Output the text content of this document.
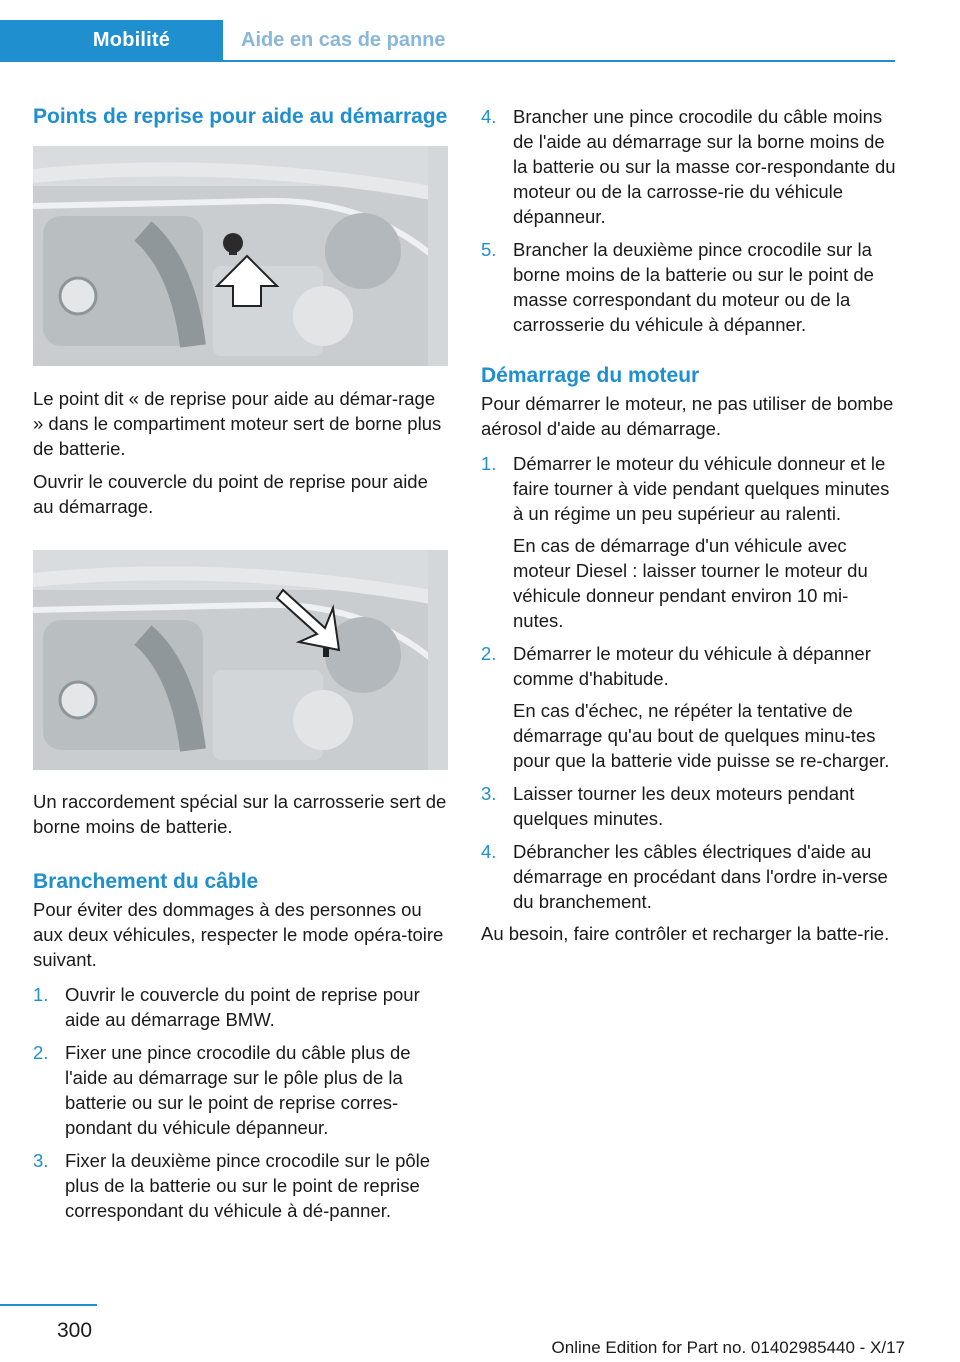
Mobilité	Aide en cas de panne
Points de reprise pour aide au démarrage

Le point dit « de reprise pour aide au démar-rage » dans le compartiment moteur sert de borne plus de batterie.

Ouvrir le couvercle du point de reprise pour aide au démarrage.

Un raccordement spécial sur la carrosserie sert de borne moins de batterie.

Branchement du câble

Pour éviter des dommages à des personnes ou aux deux véhicules, respecter le mode opéra-toire suivant.

1. Ouvrir le couvercle du point de reprise pour aide au démarrage BMW.
2. Fixer une pince crocodile du câble plus de l'aide au démarrage sur le pôle plus de la batterie ou sur le point de reprise corres-pondant du véhicule dépanneur.
3. Fixer la deuxième pince crocodile sur le pôle plus de la batterie ou sur le point de reprise correspondant du véhicule à dé-panner.
4. Brancher une pince crocodile du câble moins de l'aide au démarrage sur la borne moins de la batterie ou sur la masse cor-respondante du moteur ou de la carrosse-rie du véhicule dépanneur.
5. Brancher la deuxième pince crocodile sur la borne moins de la batterie ou sur le point de masse correspondant du moteur ou de la carrosserie du véhicule à dépanner.
Démarrage du moteur

Pour démarrer le moteur, ne pas utiliser de bombe aérosol d'aide au démarrage.

1. Démarrer le moteur du véhicule donneur et le faire tourner à vide pendant quelques minutes à un régime un peu supérieur au ralenti.
En cas de démarrage d'un véhicule avec moteur Diesel : laisser tourner le moteur du véhicule donneur pendant environ 10 mi-nutes.
2. Démarrer le moteur du véhicule à dépanner comme d'habitude.
En cas d'échec, ne répéter la tentative de démarrage qu'au bout de quelques minu-tes pour que la batterie vide puisse se re-charger.
3. Laisser tourner les deux moteurs pendant quelques minutes.
4. Débrancher les câbles électriques d'aide au démarrage en procédant dans l'ordre in-verse du branchement.

Au besoin, faire contrôler et recharger la batte-rie.

300
Online Edition for Part no. 01402985440 - X/17
